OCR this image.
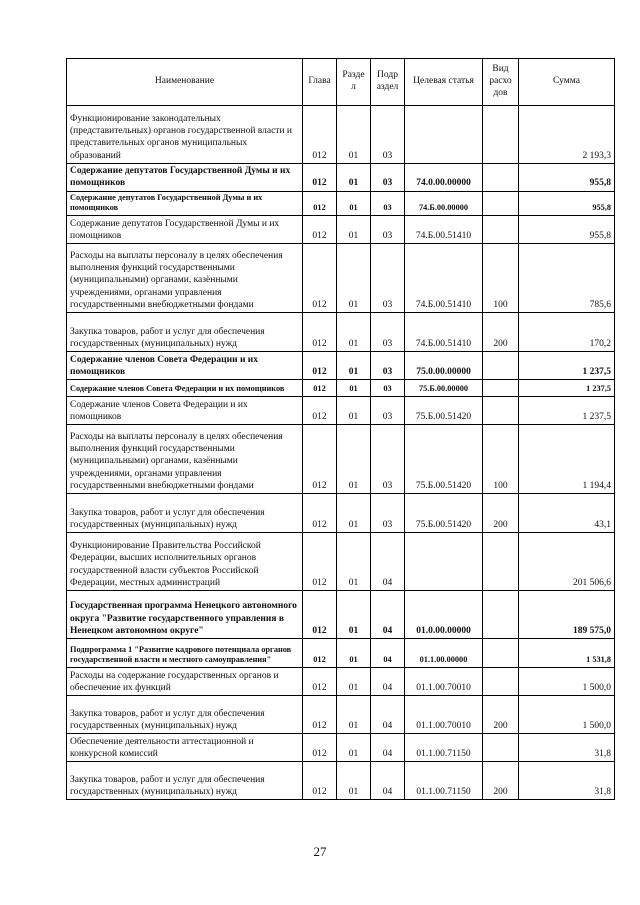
Наименование	Глава	Разде л	Подр аздел	Целевая статья	Вид расхо дов	Сумма
Функционирование законодательных (представительных) органов государственной власти и представительных органов муниципальных образований	012	01	03			2 193,3
Содержание депутатов Государственной Думы и их помощников	012	01	03	74.0.00.00000		955,8
Содержание депутатов Государственной Думы и их помощников	012	01	03	74.Б.00.00000		955,8
Содержание депутатов Государственной Думы и их помощников	012	01	03	74.Б.00.51410		955,8
Расходы на выплаты персоналу в целях обеспечения выполнения функций государственными (муниципальными) органами, казёнными учреждениями, органами управления государственными внебюджетными фондами	012	01	03	74.Б.00.51410	100	785,6
Закупка товаров, работ и услуг для обеспечения государственных (муниципальных) нужд	012	01	03	74.Б.00.51410	200	170,2
Содержание членов Совета Федерации и их помощников	012	01	03	75.0.00.00000		1 237,5
Содержание членов Совета Федерации и их помощников	012	01	03	75.Б.00.00000		1 237,5
Содержание членов Совета Федерации и их помощников	012	01	03	75.Б.00.51420		1 237,5
Расходы на выплаты персоналу в целях обеспечения выполнения функций государственными (муниципальными) органами, казёнными учреждениями, органами управления государственными внебюджетными фондами	012	01	03	75.Б.00.51420	100	1 194,4
Закупка товаров, работ и услуг для обеспечения государственных (муниципальных) нужд	012	01	03	75.Б.00.51420	200	43,1
Функционирование Правительства Российской Федерации, высших исполнительных органов государственной власти субъектов Российской Федерации, местных администраций	012	01	04			201 506,6
Государственная программа Ненецкого автономного округа "Развитие государственного управления в Ненецком автономном округе"	012	01	04	01.0.00.00000		189 575,0
Подпрограмма 1 "Развитие кадрового потенциала органов государственной власти и местного самоуправления"	012	01	04	01.1.00.00000		1 531,8
Расходы на содержание государственных органов и обеспечение их функций	012	01	04	01.1.00.70010		1 500,0
Закупка товаров, работ и услуг для обеспечения государственных (муниципальных) нужд	012	01	04	01.1.00.70010	200	1 500,0
Обеспечение деятельности аттестационной и конкурсной комиссий	012	01	04	01.1.00.71150		31,8
Закупка товаров, работ и услуг для обеспечения государственных (муниципальных) нужд	012	01	04	01.1.00.71150	200	31,8
27
